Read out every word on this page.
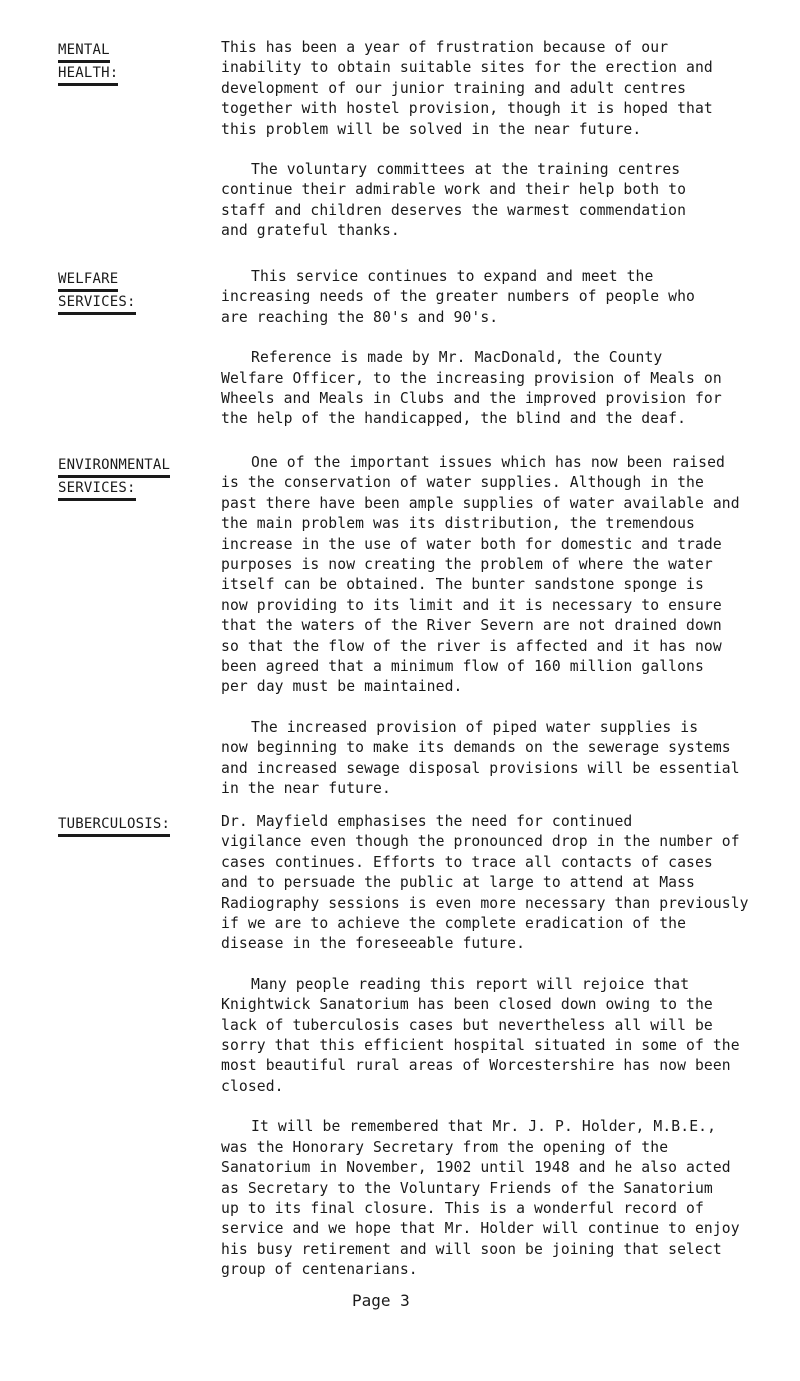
MENTAL
HEALTH:

This has been a year of frustration because of our
inability to obtain suitable sites for the erection and
development of our junior training and adult centres
together with hostel provision, though it is hoped that
this problem will be solved in the near future.

The voluntary committees at the training centres
continue their admirable work and their help both to
staff and children deserves the warmest commendation
and grateful thanks.

WELFARE
SERVICES:

This service continues to expand and meet the
increasing needs of the greater numbers of people who
are reaching the 80's and 90's.

Reference is made by Mr. MacDonald, the County
Welfare Officer, to the increasing provision of Meals on
Wheels and Meals in Clubs and the improved provision for
the help of the handicapped, the blind and the deaf.

ENVIRONMENTAL
SERVICES:

One of the important issues which has now been raised
is the conservation of water supplies. Although in the
past there have been ample supplies of water available and
the main problem was its distribution, the tremendous
increase in the use of water both for domestic and trade
purposes is now creating the problem of where the water
itself can be obtained. The bunter sandstone sponge is
now providing to its limit and it is necessary to ensure
that the waters of the River Severn are not drained down
so that the flow of the river is affected and it has now
been agreed that a minimum flow of 160 million gallons
per day must be maintained.

The increased provision of piped water supplies is
now beginning to make its demands on the sewerage systems
and increased sewage disposal provisions will be essential
in the near future.

TUBERCULOSIS:	Dr. Mayfield emphasises the need for continued
vigilance even though the pronounced drop in the number of
cases continues. Efforts to trace all contacts of cases
and to persuade the public at large to attend at Mass
Radiography sessions is even more necessary than previously
if we are to achieve the complete eradication of the
disease in the foreseeable future.

Many people reading this report will rejoice that
Knightwick Sanatorium has been closed down owing to the
lack of tuberculosis cases but nevertheless all will be
sorry that this efficient hospital situated in some of the
most beautiful rural areas of Worcestershire has now been
closed.

It will be remembered that Mr. J. P. Holder, M.B.E.,
was the Honorary Secretary from the opening of the
Sanatorium in November, 1902 until 1948 and he also acted
as Secretary to the Voluntary Friends of the Sanatorium
up to its final closure. This is a wonderful record of
service and we hope that Mr. Holder will continue to enjoy
his busy retirement and will soon be joining that select
group of centenarians.

Page 3
